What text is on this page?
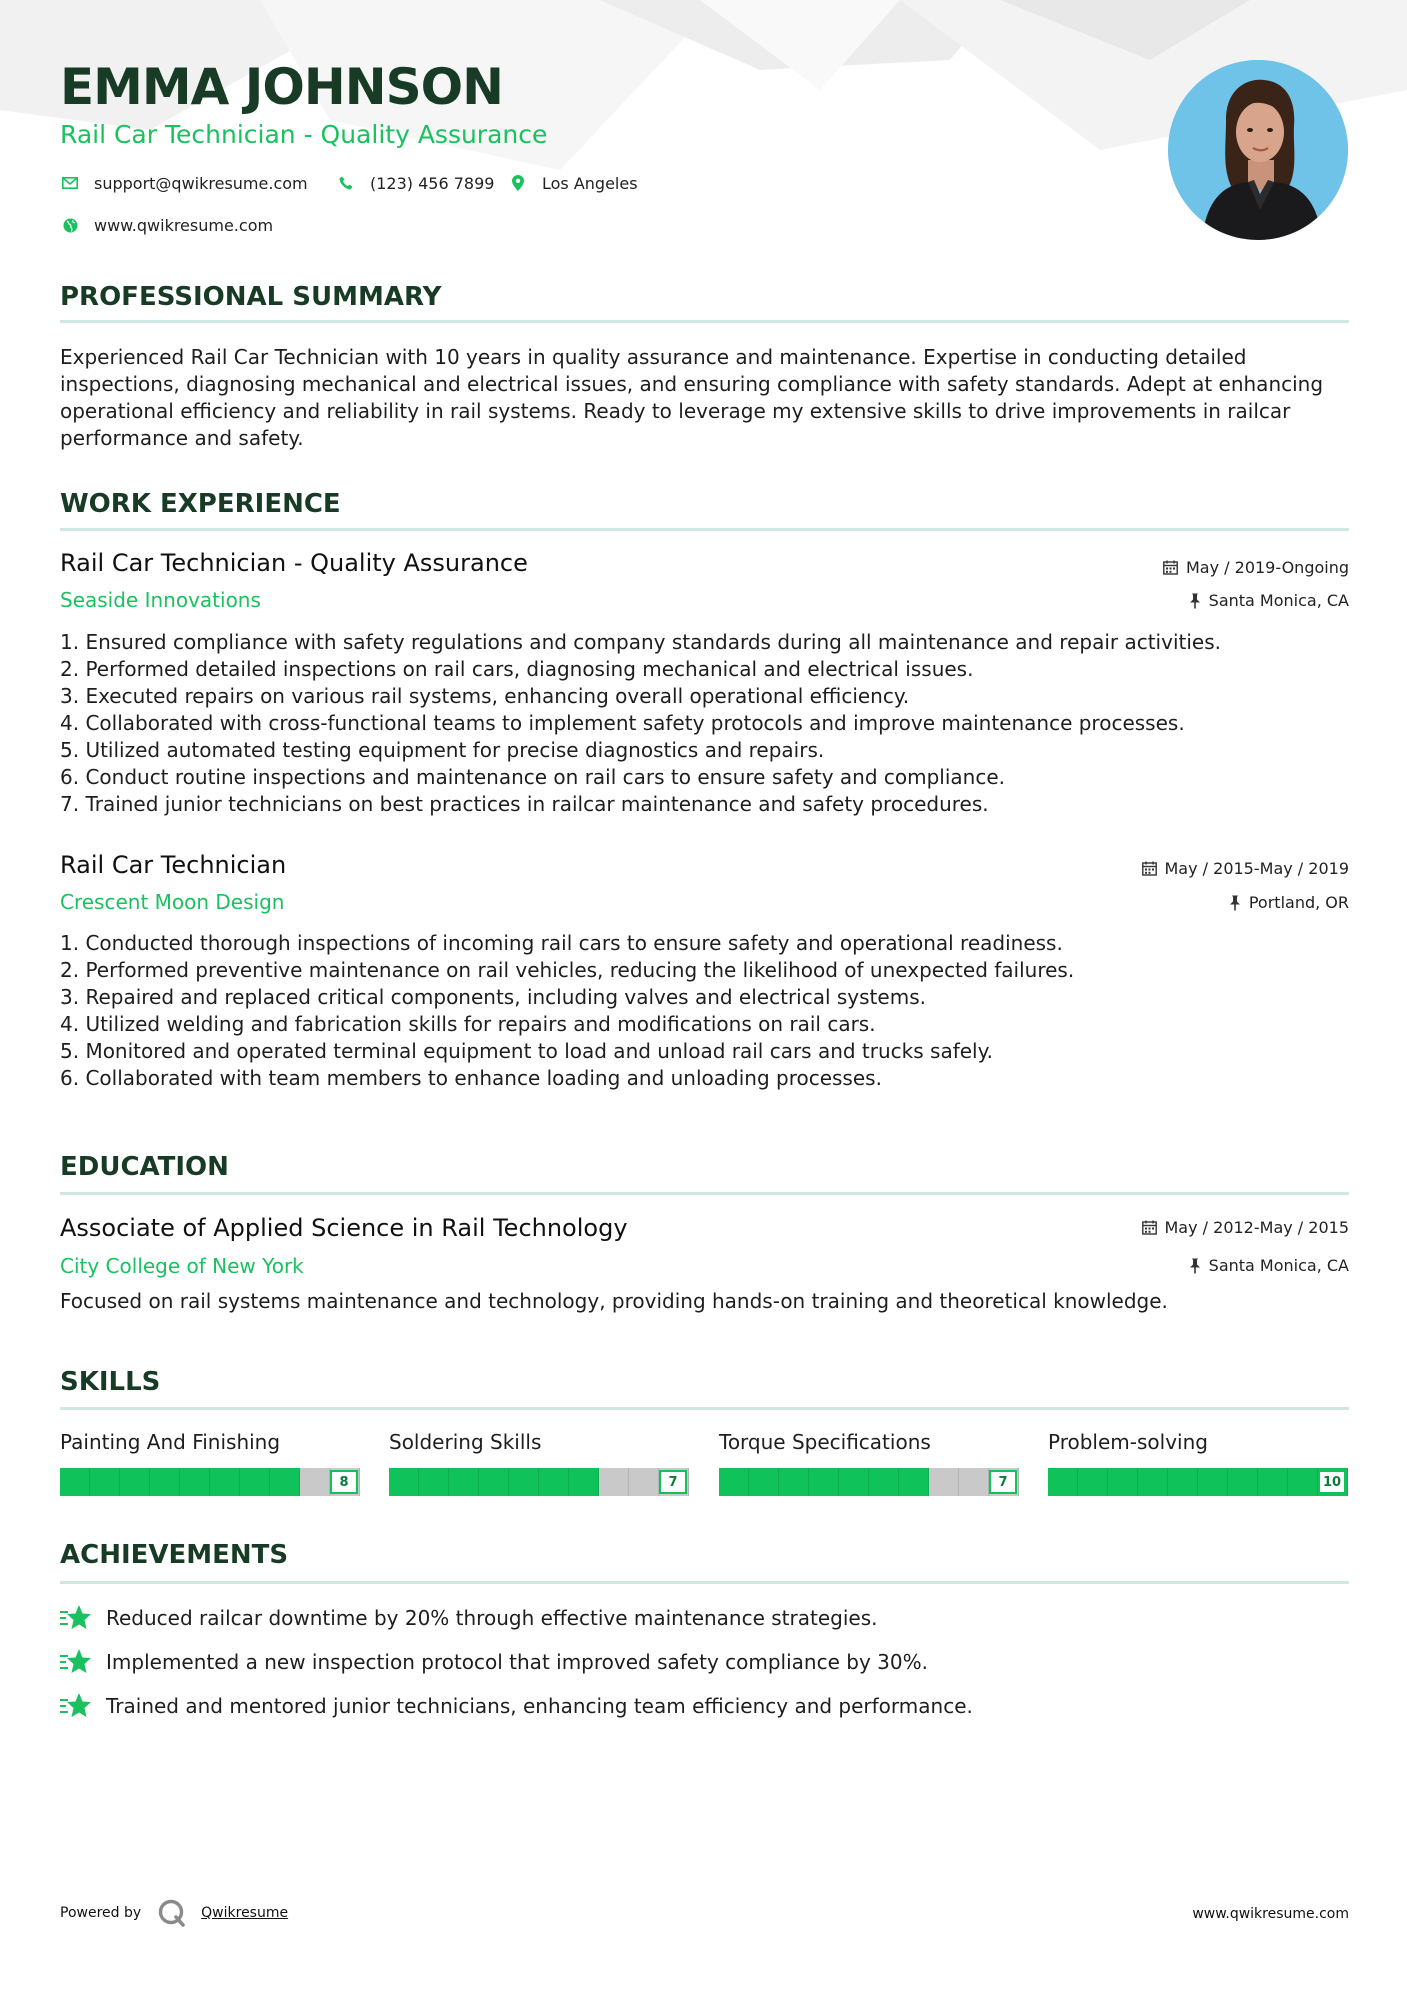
EMMA JOHNSON
Rail Car Technician - Quality Assurance
support@qwikresume.com	(123) 456 7899	Los Angeles
www.qwikresume.com
PROFESSIONAL SUMMARY
Experienced Rail Car Technician with 10 years in quality assurance and maintenance. Expertise in conducting detailed inspections, diagnosing mechanical and electrical issues, and ensuring compliance with safety standards. Adept at enhancing operational efficiency and reliability in rail systems. Ready to leverage my extensive skills to drive improvements in railcar performance and safety.
WORK EXPERIENCE
Rail Car Technician - Quality Assurance
Seaside Innovations
May / 2019-Ongoing
Santa Monica, CA
1. Ensured compliance with safety regulations and company standards during all maintenance and repair activities.
2. Performed detailed inspections on rail cars, diagnosing mechanical and electrical issues.
3. Executed repairs on various rail systems, enhancing overall operational efficiency.
4. Collaborated with cross-functional teams to implement safety protocols and improve maintenance processes.
5. Utilized automated testing equipment for precise diagnostics and repairs.
6. Conduct routine inspections and maintenance on rail cars to ensure safety and compliance.
7. Trained junior technicians on best practices in railcar maintenance and safety procedures.
Rail Car Technician
Crescent Moon Design
May / 2015-May / 2019
Portland, OR
1. Conducted thorough inspections of incoming rail cars to ensure safety and operational readiness.
2. Performed preventive maintenance on rail vehicles, reducing the likelihood of unexpected failures.
3. Repaired and replaced critical components, including valves and electrical systems.
4. Utilized welding and fabrication skills for repairs and modifications on rail cars.
5. Monitored and operated terminal equipment to load and unload rail cars and trucks safely.
6. Collaborated with team members to enhance loading and unloading processes.
EDUCATION
Associate of Applied Science in Rail Technology
City College of New York
May / 2012-May / 2015
Santa Monica, CA
Focused on rail systems maintenance and technology, providing hands-on training and theoretical knowledge.
SKILLS
Painting And Finishing
8
Soldering Skills
7
Torque Specifications
7
Problem-solving
10
ACHIEVEMENTS
Reduced railcar downtime by 20% through effective maintenance strategies.
Implemented a new inspection protocol that improved safety compliance by 30%.
Trained and mentored junior technicians, enhancing team efficiency and performance.
Powered by	Qwikresume	www.qwikresume.com
